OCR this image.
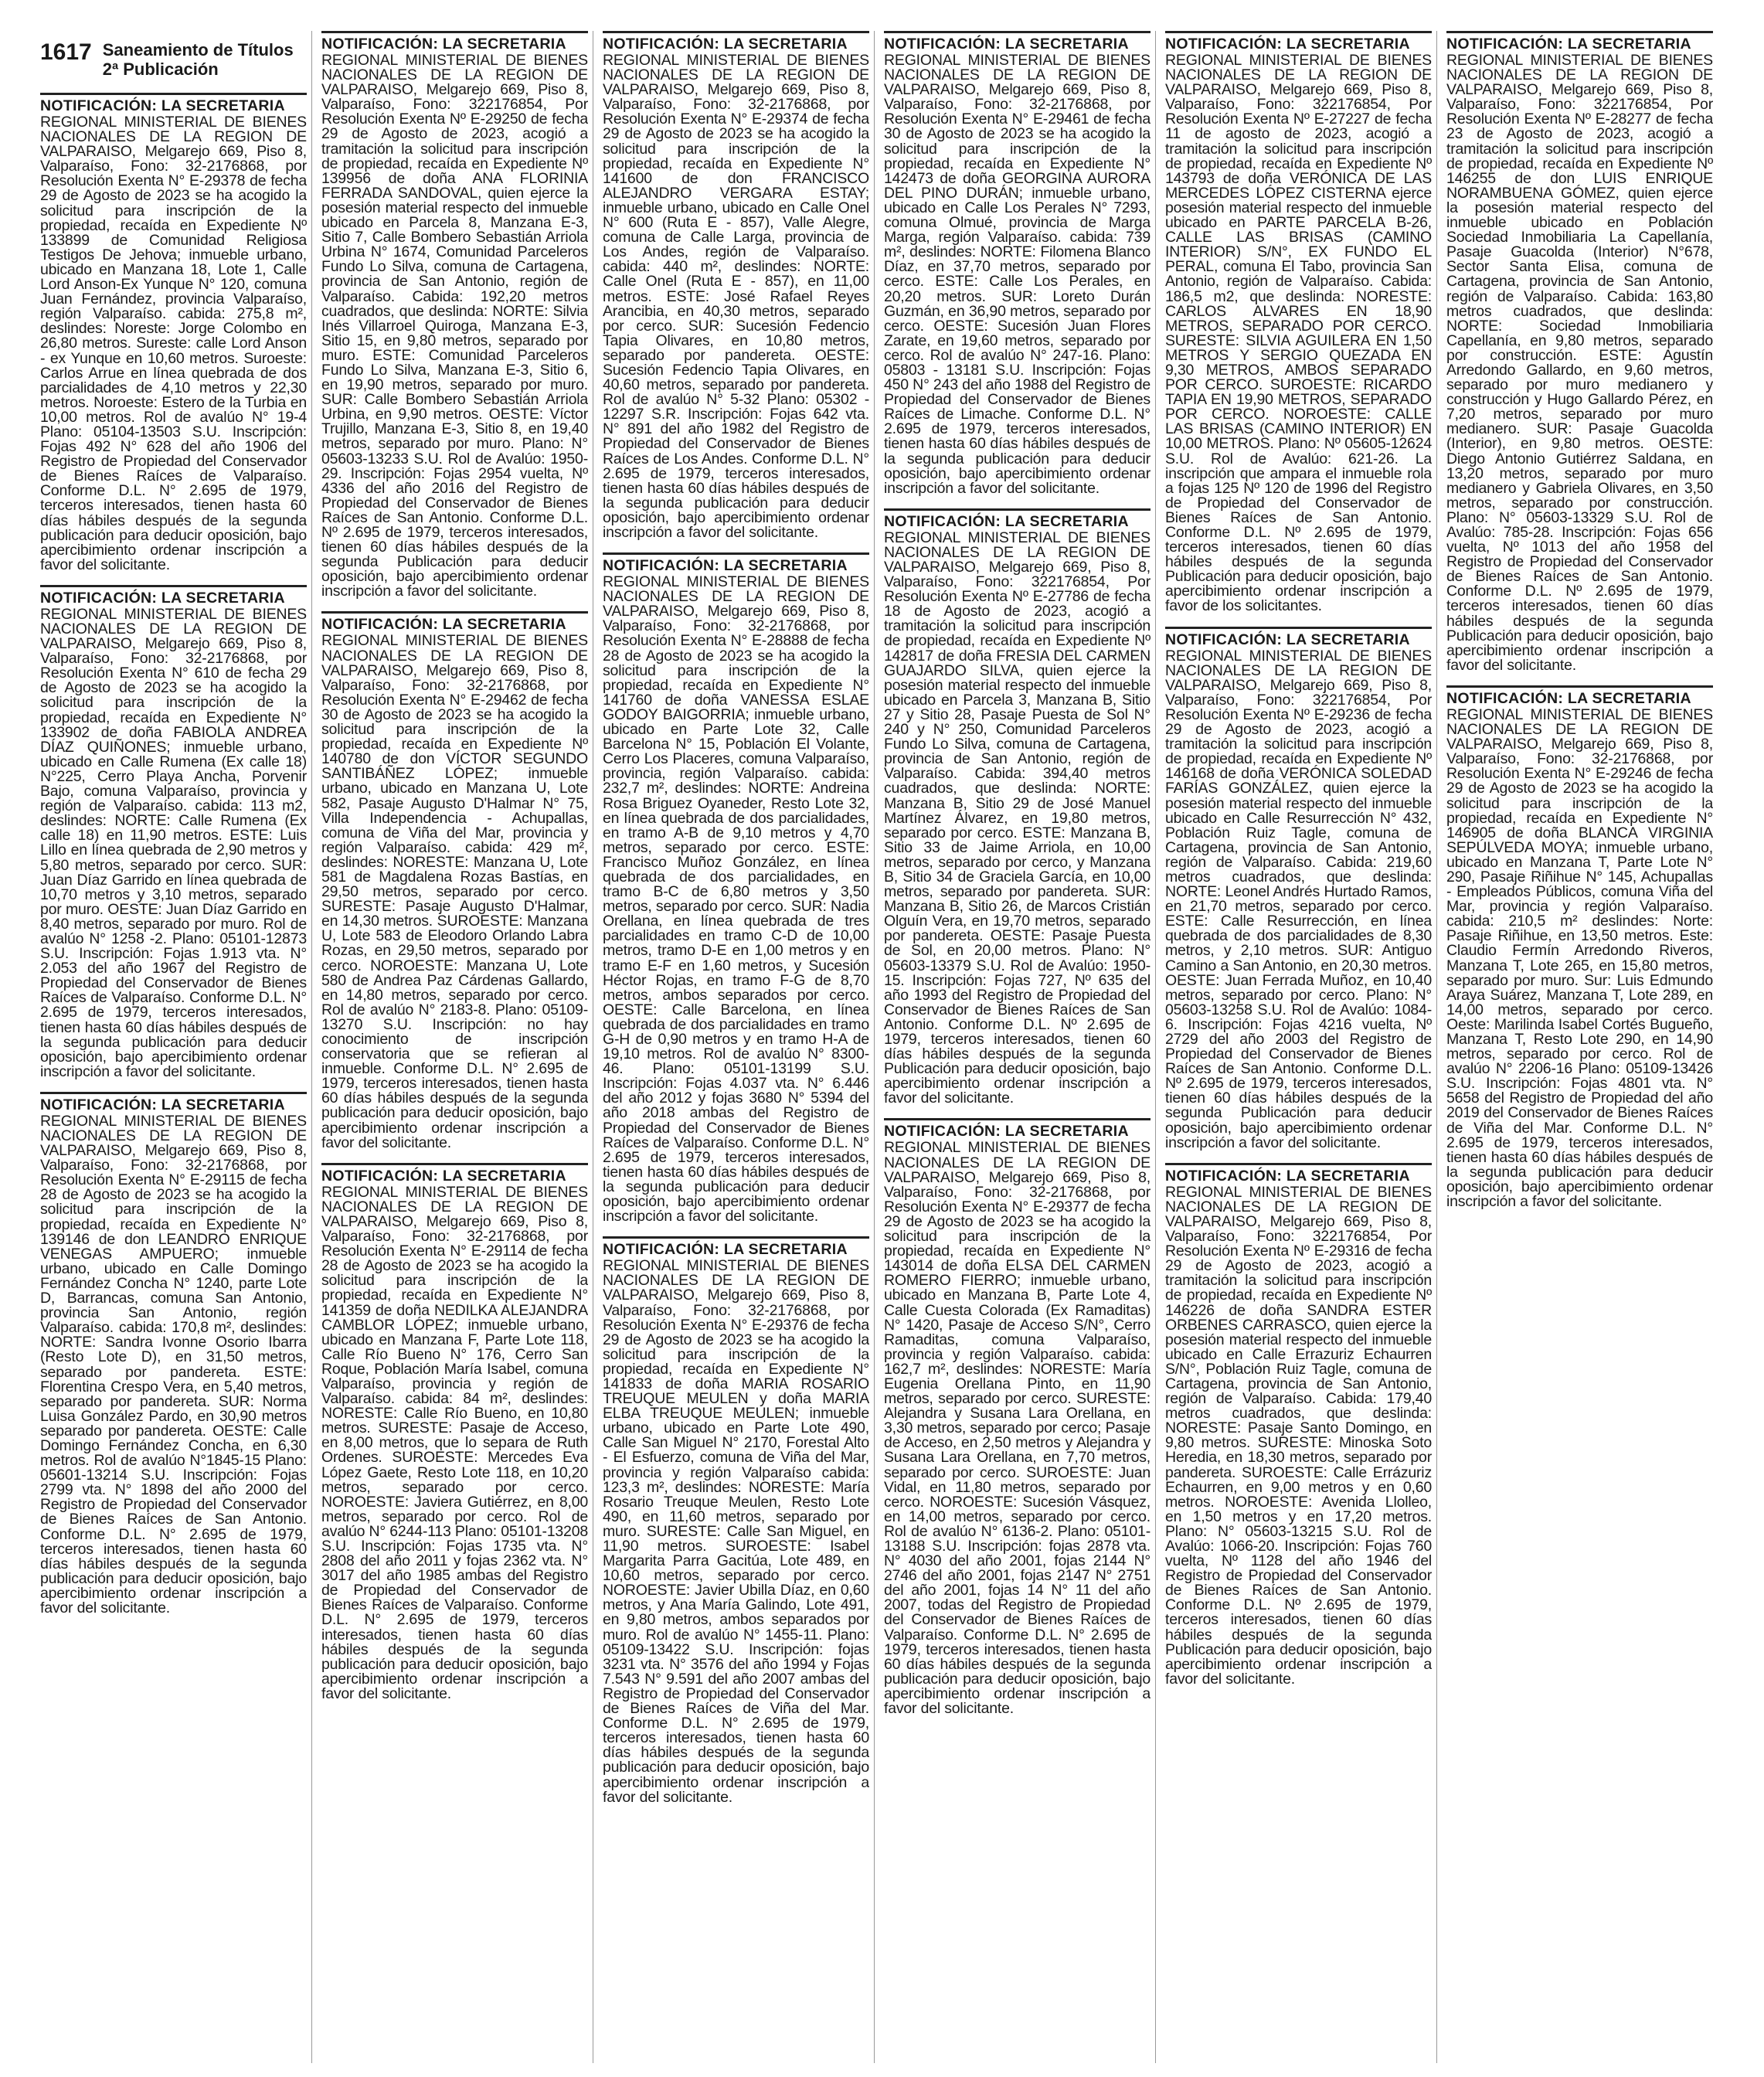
1617 Saneamiento de Títulos
2ª Publicación
NOTIFICACIÓN: LA SECRETARIA
REGIONAL MINISTERIAL DE BIENES NACIONALES DE LA REGION DE VALPARAISO, Melgarejo 669, Piso 8, Valparaíso, Fono: 32-2176868, por Resolución Exenta N° E-29378 de fecha 29 de Agosto de 2023 se ha acogido la solicitud para inscripción de la propiedad, recaída en Expediente Nº 133899 de Comunidad Religiosa Testigos De Jehova; inmueble urbano, ubicado en Manzana 18, Lote 1, Calle Lord Anson-Ex Yunque N° 120, comuna Juan Fernández, provincia Valparaíso, región Valparaíso. cabida: 275,8 m², deslindes: Noreste: Jorge Colombo en 26,80 metros. Sureste: calle Lord Anson - ex Yunque en 10,60 metros. Suroeste: Carlos Arrue en línea quebrada de dos parcialidades de 4,10 metros y 22,30 metros. Noroeste: Estero de la Turbia en 10,00 metros. Rol de avalúo N° 19-4 Plano: 05104-13503 S.U. Inscripción: Fojas 492 N° 628 del año 1906 del Registro de Propiedad del Conservador de Bienes Raíces de Valparaíso. Conforme D.L. N° 2.695 de 1979, terceros interesados, tienen hasta 60 días hábiles después de la segunda publicación para deducir oposición, bajo apercibimiento ordenar inscripción a favor del solicitante.
NOTIFICACIÓN: LA SECRETARIA
REGIONAL MINISTERIAL DE BIENES NACIONALES DE LA REGION DE VALPARAISO, Melgarejo 669, Piso 8, Valparaíso, Fono: 32-2176868, por Resolución Exenta N° 610 de fecha 29 de Agosto de 2023 se ha acogido la solicitud para inscripción de la propiedad, recaída en Expediente N° 133902 de doña FABIOLA ANDREA DÍAZ QUIÑONES; inmueble urbano, ubicado en Calle Rumena (Ex calle 18) N°225, Cerro Playa Ancha, Porvenir Bajo, comuna Valparaíso, provincia y región de Valparaíso. cabida: 113 m2, deslindes: NORTE: Calle Rumena (Ex calle 18) en 11,90 metros. ESTE: Luis Lillo en línea quebrada de 2,90 metros y 5,80 metros, separado por cerco. SUR: Juan Díaz Garrido en línea quebrada de 10,70 metros y 3,10 metros, separado por muro. OESTE: Juan Díaz Garrido en 8,40 metros, separado por muro. Rol de avalúo N° 1258 -2. Plano: 05101-12873 S.U. Inscripción: Fojas 1.913 vta. N° 2.053 del año 1967 del Registro de Propiedad del Conservador de Bienes Raíces de Valparaíso. Conforme D.L. N° 2.695 de 1979, terceros interesados, tienen hasta 60 días hábiles después de la segunda publicación para deducir oposición, bajo apercibimiento ordenar inscripción a favor del solicitante.
NOTIFICACIÓN: LA SECRETARIA
REGIONAL MINISTERIAL DE BIENES NACIONALES DE LA REGION DE VALPARAISO, Melgarejo 669, Piso 8, Valparaíso, Fono: 32-2176868, por Resolución Exenta N° E-29115 de fecha 28 de Agosto de 2023 se ha acogido la solicitud para inscripción de la propiedad, recaída en Expediente N° 139146 de don LEANDRO ENRIQUE VENEGAS AMPUERO; inmueble urbano, ubicado en Calle Domingo Fernández Concha N° 1240, parte Lote D, Barrancas, comuna San Antonio, provincia San Antonio, región Valparaíso. cabida: 170,8 m², deslindes: NORTE: Sandra Ivonne Osorio Ibarra (Resto Lote D), en 31,50 metros, separado por pandereta. ESTE: Florentina Crespo Vera, en 5,40 metros, separado por pandereta. SUR: Norma Luisa González Pardo, en 30,90 metros separado por pandereta. OESTE: Calle Domingo Fernández Concha, en 6,30 metros. Rol de avalúo N°1845-15 Plano: 05601-13214 S.U. Inscripción: Fojas 2799 vta. N° 1898 del año 2000 del Registro de Propiedad del Conservador de Bienes Raíces de San Antonio. Conforme D.L. N° 2.695 de 1979, terceros interesados, tienen hasta 60 días hábiles después de la segunda publicación para deducir oposición, bajo apercibimiento ordenar inscripción a favor del solicitante.
NOTIFICACIÓN: LA SECRETARIA
REGIONAL MINISTERIAL DE BIENES NACIONALES DE LA REGION DE VALPARAISO, Melgarejo 669, Piso 8, Valparaíso, Fono: 322176854, Por Resolución Exenta Nº E-29250 de fecha 29 de Agosto de 2023, acogió a tramitación la solicitud para inscripción de propiedad, recaída en Expediente Nº 139956 de doña ANA FLORINIA FERRADA SANDOVAL, quien ejerce la posesión material respecto del inmueble ubicado en Parcela 8, Manzana E-3, Sitio 7, Calle Bombero Sebastián Arriola Urbina N° 1674, Comunidad Parceleros Fundo Lo Silva, comuna de Cartagena, provincia de San Antonio, región de Valparaíso. Cabida: 192,20 metros cuadrados, que deslinda: NORTE: Silvia Inés Villarroel Quiroga, Manzana E-3, Sitio 15, en 9,80 metros, separado por muro. ESTE: Comunidad Parceleros Fundo Lo Silva, Manzana E-3, Sitio 6, en 19,90 metros, separado por muro. SUR: Calle Bombero Sebastián Arriola Urbina, en 9,90 metros. OESTE: Víctor Trujillo, Manzana E-3, Sitio 8, en 19,40 metros, separado por muro. Plano: N° 05603-13233 S.U. Rol de Avalúo: 1950-29. Inscripción: Fojas 2954 vuelta, Nº 4336 del año 2016 del Registro de Propiedad del Conservador de Bienes Raíces de San Antonio. Conforme D.L. Nº 2.695 de 1979, terceros interesados, tienen 60 días hábiles después de la segunda Publicación para deducir oposición, bajo apercibimiento ordenar inscripción a favor del solicitante.
NOTIFICACIÓN: LA SECRETARIA
REGIONAL MINISTERIAL DE BIENES NACIONALES DE LA REGION DE VALPARAISO, Melgarejo 669, Piso 8, Valparaíso, Fono: 32-2176868, por Resolución Exenta N° E-29462 de fecha 30 de Agosto de 2023 se ha acogido la solicitud para inscripción de la propiedad, recaída en Expediente Nº 140780 de don VÍCTOR SEGUNDO SANTIBÁÑEZ LÓPEZ; inmueble urbano, ubicado en Manzana U, Lote 582, Pasaje Augusto D'Halmar N° 75, Villa Independencia - Achupallas, comuna de Viña del Mar, provincia y región Valparaíso. cabida: 429 m², deslindes: NORESTE: Manzana U, Lote 581 de Magdalena Rozas Bastías, en 29,50 metros, separado por cerco. SURESTE: Pasaje Augusto D'Halmar, en 14,30 metros. SUROESTE: Manzana U, Lote 583 de Eleodoro Orlando Labra Rozas, en 29,50 metros, separado por cerco. NOROESTE: Manzana U, Lote 580 de Andrea Paz Cárdenas Gallardo, en 14,80 metros, separado por cerco. Rol de avalúo N° 2183-8. Plano: 05109-13270 S.U. Inscripción: no hay conocimiento de inscripción conservatoria que se refieran al inmueble. Conforme D.L. N° 2.695 de 1979, terceros interesados, tienen hasta 60 días hábiles después de la segunda publicación para deducir oposición, bajo apercibimiento ordenar inscripción a favor del solicitante.
NOTIFICACIÓN: LA SECRETARIA
REGIONAL MINISTERIAL DE BIENES NACIONALES DE LA REGION DE VALPARAISO, Melgarejo 669, Piso 8, Valparaíso, Fono: 32-2176868, por Resolución Exenta N° E-29114 de fecha 28 de Agosto de 2023 se ha acogido la solicitud para inscripción de la propiedad, recaída en Expediente N° 141359 de doña NEDILKA ALEJANDRA CAMBLOR LÓPEZ; inmueble urbano, ubicado en Manzana F, Parte Lote 118, Calle Río Bueno N° 176, Cerro San Roque, Población María Isabel, comuna Valparaíso, provincia y región de Valparaíso. cabida: 84 m², deslindes: NORESTE: Calle Río Bueno, en 10,80 metros. SURESTE: Pasaje de Acceso, en 8,00 metros, que lo separa de Ruth Ordenes. SUROESTE: Mercedes Eva López Gaete, Resto Lote 118, en 10,20 metros, separado por cerco. NOROESTE: Javiera Gutiérrez, en 8,00 metros, separado por cerco. Rol de avalúo N° 6244-113 Plano: 05101-13208 S.U. Inscripción: Fojas 1735 vta. N° 2808 del año 2011 y fojas 2362 vta. N° 3017 del año 1985 ambas del Registro de Propiedad del Conservador de Bienes Raíces de Valparaíso. Conforme D.L. N° 2.695 de 1979, terceros interesados, tienen hasta 60 días hábiles después de la segunda publicación para deducir oposición, bajo apercibimiento ordenar inscripción a favor del solicitante.
NOTIFICACIÓN: LA SECRETARIA
REGIONAL MINISTERIAL DE BIENES NACIONALES DE LA REGION DE VALPARAISO, Melgarejo 669, Piso 8, Valparaíso, Fono: 32-2176868, por Resolución Exenta N° E-29374 de fecha 29 de Agosto de 2023 se ha acogido la solicitud para inscripción de la propiedad, recaída en Expediente N° 141600 de don FRANCISCO ALEJANDRO VERGARA ESTAY; inmueble urbano, ubicado en Calle Onel N° 600 (Ruta E - 857), Valle Alegre, comuna de Calle Larga, provincia de Los Andes, región de Valparaíso. cabida: 440 m², deslindes: NORTE: Calle Onel (Ruta E - 857), en 11,00 metros. ESTE: José Rafael Reyes Arancibia, en 40,30 metros, separado por cerco. SUR: Sucesión Fedencio Tapia Olivares, en 10,80 metros, separado por pandereta. OESTE: Sucesión Fedencio Tapia Olivares, en 40,60 metros, separado por pandereta. Rol de avalúo N° 5-32 Plano: 05302 - 12297 S.R. Inscripción: Fojas 642 vta. N° 891 del año 1982 del Registro de Propiedad del Conservador de Bienes Raíces de Los Andes. Conforme D.L. N° 2.695 de 1979, terceros interesados, tienen hasta 60 días hábiles después de la segunda publicación para deducir oposición, bajo apercibimiento ordenar inscripción a favor del solicitante.
NOTIFICACIÓN: LA SECRETARIA
REGIONAL MINISTERIAL DE BIENES NACIONALES DE LA REGION DE VALPARAISO, Melgarejo 669, Piso 8, Valparaíso, Fono: 32-2176868, por Resolución Exenta N° E-28888 de fecha 28 de Agosto de 2023 se ha acogido la solicitud para inscripción de la propiedad, recaída en Expediente N° 141760 de doña VANESSA ESLAE GODOY BAIGORRIA; inmueble urbano, ubicado en Parte Lote 32, Calle Barcelona N° 15, Población El Volante, Cerro Los Placeres, comuna Valparaíso, provincia, región Valparaíso. cabida: 232,7 m², deslindes: NORTE: Andreina Rosa Briguez Oyaneder, Resto Lote 32, en línea quebrada de dos parcialidades, en tramo A-B de 9,10 metros y 4,70 metros, separado por cerco. ESTE: Francisco Muñoz González, en línea quebrada de dos parcialidades, en tramo B-C de 6,80 metros y 3,50 metros, separado por cerco. SUR: Nadia Orellana, en línea quebrada de tres parcialidades en tramo C-D de 10,00 metros, tramo D-E en 1,00 metros y en tramo E-F en 1,60 metros, y Sucesión Héctor Rojas, en tramo F-G de 8,70 metros, ambos separados por cerco. OESTE: Calle Barcelona, en línea quebrada de dos parcialidades en tramo G-H de 0,90 metros y en tramo H-A de 19,10 metros. Rol de avalúo N° 8300-46. Plano: 05101-13199 S.U. Inscripción: Fojas 4.037 vta. N° 6.446 del año 2012 y fojas 3680 N° 5394 del año 2018 ambas del Registro de Propiedad del Conservador de Bienes Raíces de Valparaíso. Conforme D.L. N° 2.695 de 1979, terceros interesados, tienen hasta 60 días hábiles después de la segunda publicación para deducir oposición, bajo apercibimiento ordenar inscripción a favor del solicitante.
NOTIFICACIÓN: LA SECRETARIA
REGIONAL MINISTERIAL DE BIENES NACIONALES DE LA REGION DE VALPARAISO, Melgarejo 669, Piso 8, Valparaíso, Fono: 32-2176868, por Resolución Exenta N° E-29376 de fecha 29 de Agosto de 2023 se ha acogido la solicitud para inscripción de la propiedad, recaída en Expediente N° 141833 de doña MARIA ROSARIO TREUQUE MEULEN y doña MARIA ELBA TREUQUE MEULEN; inmueble urbano, ubicado en Parte Lote 490, Calle San Miguel N° 2170, Forestal Alto - El Esfuerzo, comuna de Viña del Mar, provincia y región Valparaíso cabida: 123,3 m², deslindes: NORESTE: María Rosario Treuque Meulen, Resto Lote 490, en 11,60 metros, separado por muro. SURESTE: Calle San Miguel, en 11,90 metros. SUROESTE: Isabel Margarita Parra Gacitúa, Lote 489, en 10,60 metros, separado por cerco. NOROESTE: Javier Ubilla Díaz, en 0,60 metros, y Ana María Galindo, Lote 491, en 9,80 metros, ambos separados por muro. Rol de avalúo N° 1455-11. Plano: 05109-13422 S.U. Inscripción: fojas 3231 vta. N° 3576 del año 1994 y Fojas 7.543 N° 9.591 del año 2007 ambas del Registro de Propiedad del Conservador de Bienes Raíces de Viña del Mar. Conforme D.L. N° 2.695 de 1979, terceros interesados, tienen hasta 60 días hábiles después de la segunda publicación para deducir oposición, bajo apercibimiento ordenar inscripción a favor del solicitante.
NOTIFICACIÓN: LA SECRETARIA
REGIONAL MINISTERIAL DE BIENES NACIONALES DE LA REGION DE VALPARAISO, Melgarejo 669, Piso 8, Valparaíso, Fono: 32-2176868, por Resolución Exenta N° E-29461 de fecha 30 de Agosto de 2023 se ha acogido la solicitud para inscripción de la propiedad, recaída en Expediente N° 142473 de doña GEORGINA AURORA DEL PINO DURÁN; inmueble urbano, ubicado en Calle Los Perales N° 7293, comuna Olmué, provincia de Marga Marga, región Valparaíso. cabida: 739 m², deslindes: NORTE: Filomena Blanco Díaz, en 37,70 metros, separado por cerco. ESTE: Calle Los Perales, en 20,20 metros. SUR: Loreto Durán Guzmán, en 36,90 metros, separado por cerco. OESTE: Sucesión Juan Flores Zarate, en 19,60 metros, separado por cerco. Rol de avalúo N° 247-16. Plano: 05803 - 13181 S.U. Inscripción: Fojas 450 N° 243 del año 1988 del Registro de Propiedad del Conservador de Bienes Raíces de Limache. Conforme D.L. N° 2.695 de 1979, terceros interesados, tienen hasta 60 días hábiles después de la segunda publicación para deducir oposición, bajo apercibimiento ordenar inscripción a favor del solicitante.
NOTIFICACIÓN: LA SECRETARIA
REGIONAL MINISTERIAL DE BIENES NACIONALES DE LA REGION DE VALPARAISO, Melgarejo 669, Piso 8, Valparaíso, Fono: 322176854, Por Resolución Exenta Nº E-27786 de fecha 18 de Agosto de 2023, acogió a tramitación la solicitud para inscripción de propiedad, recaída en Expediente Nº 142817 de doña FRESIA DEL CARMEN GUAJARDO SILVA, quien ejerce la posesión material respecto del inmueble ubicado en Parcela 3, Manzana B, Sitio 27 y Sitio 28, Pasaje Puesta de Sol N° 240 y N° 250, Comunidad Parceleros Fundo Lo Silva, comuna de Cartagena, provincia de San Antonio, región de Valparaíso. Cabida: 394,40 metros cuadrados, que deslinda: NORTE: Manzana B, Sitio 29 de José Manuel Martínez Álvarez, en 19,80 metros, separado por cerco. ESTE: Manzana B, Sitio 33 de Jaime Arriola, en 10,00 metros, separado por cerco, y Manzana B, Sitio 34 de Graciela García, en 10,00 metros, separado por pandereta. SUR: Manzana B, Sitio 26, de Marcos Cristián Olguín Vera, en 19,70 metros, separado por pandereta. OESTE: Pasaje Puesta de Sol, en 20,00 metros. Plano: N° 05603-13379 S.U. Rol de Avalúo: 1950-15. Inscripción: Fojas 727, Nº 635 del año 1993 del Registro de Propiedad del Conservador de Bienes Raíces de San Antonio. Conforme D.L. Nº 2.695 de 1979, terceros interesados, tienen 60 días hábiles después de la segunda Publicación para deducir oposición, bajo apercibimiento ordenar inscripción a favor del solicitante.
NOTIFICACIÓN: LA SECRETARIA
REGIONAL MINISTERIAL DE BIENES NACIONALES DE LA REGION DE VALPARAISO, Melgarejo 669, Piso 8, Valparaíso, Fono: 32-2176868, por Resolución Exenta N° E-29377 de fecha 29 de Agosto de 2023 se ha acogido la solicitud para inscripción de la propiedad, recaída en Expediente N° 143014 de doña ELSA DEL CARMEN ROMERO FIERRO; inmueble urbano, ubicado en Manzana B, Parte Lote 4, Calle Cuesta Colorada (Ex Ramaditas) N° 1420, Pasaje de Acceso S/N°, Cerro Ramaditas, comuna Valparaíso, provincia y región Valparaíso. cabida: 162,7 m², deslindes: NORESTE: María Eugenia Orellana Pinto, en 11,90 metros, separado por cerco. SURESTE: Alejandra y Susana Lara Orellana, en 3,30 metros, separado por cerco; Pasaje de Acceso, en 2,50 metros y Alejandra y Susana Lara Orellana, en 7,70 metros, separado por cerco. SUROESTE: Juan Vidal, en 11,80 metros, separado por cerco. NOROESTE: Sucesión Vásquez, en 14,00 metros, separado por cerco. Rol de avalúo N° 6136-2. Plano: 05101-13188 S.U. Inscripción: fojas 2878 vta. N° 4030 del año 2001, fojas 2144 N° 2746 del año 2001, fojas 2147 N° 2751 del año 2001, fojas 14 N° 11 del año 2007, todas del Registro de Propiedad del Conservador de Bienes Raíces de Valparaíso. Conforme D.L. N° 2.695 de 1979, terceros interesados, tienen hasta 60 días hábiles después de la segunda publicación para deducir oposición, bajo apercibimiento ordenar inscripción a favor del solicitante.
NOTIFICACIÓN: LA SECRETARIA
REGIONAL MINISTERIAL DE BIENES NACIONALES DE LA REGION DE VALPARAISO, Melgarejo 669, Piso 8, Valparaíso, Fono: 322176854, Por Resolución Exenta Nº E-27227 de fecha 11 de agosto de 2023, acogió a tramitación la solicitud para inscripción de propiedad, recaída en Expediente Nº 143793 de doña VERÓNICA DE LAS MERCEDES LÓPEZ CISTERNA ejerce posesión material respecto del inmueble ubicado en PARTE PARCELA B-26, CALLE LAS BRISAS (CAMINO INTERIOR) S/N°, EX FUNDO EL PERAL, comuna El Tabo, provincia San Antonio, región de Valparaíso. Cabida: 186,5 m2, que deslinda: NORESTE: CARLOS ALVARES EN 18,90 METROS, SEPARADO POR CERCO. SURESTE: SILVIA AGUILERA EN 1,50 METROS Y SERGIO QUEZADA EN 9,30 METROS, AMBOS SEPARADO POR CERCO. SUROESTE: RICARDO TAPIA EN 19,90 METROS, SEPARADO POR CERCO. NOROESTE: CALLE LAS BRISAS (CAMINO INTERIOR) EN 10,00 METROS. Plano: Nº 05605-12624 S.U. Rol de Avalúo: 621-26. La inscripción que ampara el inmueble rola a fojas 125 Nº 120 de 1996 del Registro de Propiedad del Conservador de Bienes Raíces de San Antonio. Conforme D.L. Nº 2.695 de 1979, terceros interesados, tienen 60 días hábiles después de la segunda Publicación para deducir oposición, bajo apercibimiento ordenar inscripción a favor de los solicitantes.
NOTIFICACIÓN: LA SECRETARIA
REGIONAL MINISTERIAL DE BIENES NACIONALES DE LA REGION DE VALPARAISO, Melgarejo 669, Piso 8, Valparaíso, Fono: 322176854, Por Resolución Exenta Nº E-29236 de fecha 29 de Agosto de 2023, acogió a tramitación la solicitud para inscripción de propiedad, recaída en Expediente Nº 146168 de doña VERÓNICA SOLEDAD FARÍAS GONZÁLEZ, quien ejerce la posesión material respecto del inmueble ubicado en Calle Resurrección N° 432, Población Ruiz Tagle, comuna de Cartagena, provincia de San Antonio, región de Valparaíso. Cabida: 219,60 metros cuadrados, que deslinda: NORTE: Leonel Andrés Hurtado Ramos, en 21,70 metros, separado por cerco. ESTE: Calle Resurrección, en línea quebrada de dos parcialidades de 8,30 metros, y 2,10 metros. SUR: Antiguo Camino a San Antonio, en 20,30 metros. OESTE: Juan Ferrada Muñoz, en 10,40 metros, separado por cerco. Plano: N° 05603-13258 S.U. Rol de Avalúo: 1084-6. Inscripción: Fojas 4216 vuelta, Nº 2729 del año 2003 del Registro de Propiedad del Conservador de Bienes Raíces de San Antonio. Conforme D.L. Nº 2.695 de 1979, terceros interesados, tienen 60 días hábiles después de la segunda Publicación para deducir oposición, bajo apercibimiento ordenar inscripción a favor del solicitante.
NOTIFICACIÓN: LA SECRETARIA
REGIONAL MINISTERIAL DE BIENES NACIONALES DE LA REGION DE VALPARAISO, Melgarejo 669, Piso 8, Valparaíso, Fono: 322176854, Por Resolución Exenta Nº E-29316 de fecha 29 de Agosto de 2023, acogió a tramitación la solicitud para inscripción de propiedad, recaída en Expediente Nº 146226 de doña SANDRA ESTER ORBENES CARRASCO, quien ejerce la posesión material respecto del inmueble ubicado en Calle Errazuriz Echaurren S/N°, Población Ruiz Tagle, comuna de Cartagena, provincia de San Antonio, región de Valparaíso. Cabida: 179,40 metros cuadrados, que deslinda: NORESTE: Pasaje Santo Domingo, en 9,80 metros. SURESTE: Minoska Soto Heredia, en 18,30 metros, separado por pandereta. SUROESTE: Calle Errázuriz Echaurren, en 9,00 metros y en 0,60 metros. NOROESTE: Avenida Llolleo, en 1,50 metros y en 17,20 metros. Plano: N° 05603-13215 S.U. Rol de Avalúo: 1066-20. Inscripción: Fojas 760 vuelta, Nº 1128 del año 1946 del Registro de Propiedad del Conservador de Bienes Raíces de San Antonio. Conforme D.L. Nº 2.695 de 1979, terceros interesados, tienen 60 días hábiles después de la segunda Publicación para deducir oposición, bajo apercibimiento ordenar inscripción a favor del solicitante.
NOTIFICACIÓN: LA SECRETARIA
REGIONAL MINISTERIAL DE BIENES NACIONALES DE LA REGION DE VALPARAISO, Melgarejo 669, Piso 8, Valparaíso, Fono: 322176854, Por Resolución Exenta Nº E-28277 de fecha 23 de Agosto de 2023, acogió a tramitación la solicitud para inscripción de propiedad, recaída en Expediente Nº 146255 de don LUIS ENRIQUE NORAMBUENA GÓMEZ, quien ejerce la posesión material respecto del inmueble ubicado en Población Sociedad Inmobiliaria La Capellanía, Pasaje Guacolda (Interior) N°678, Sector Santa Elisa, comuna de Cartagena, provincia de San Antonio, región de Valparaíso. Cabida: 163,80 metros cuadrados, que deslinda: NORTE: Sociedad Inmobiliaria Capellanía, en 9,80 metros, separado por construcción. ESTE: Agustín Arredondo Gallardo, en 9,60 metros, separado por muro medianero y construcción y Hugo Gallardo Pérez, en 7,20 metros, separado por muro medianero. SUR: Pasaje Guacolda (Interior), en 9,80 metros. OESTE: Diego Antonio Gutiérrez Saldana, en 13,20 metros, separado por muro medianero y Gabriela Olivares, en 3,50 metros, separado por construcción. Plano: N° 05603-13329 S.U. Rol de Avalúo: 785-28. Inscripción: Fojas 656 vuelta, Nº 1013 del año 1958 del Registro de Propiedad del Conservador de Bienes Raíces de San Antonio. Conforme D.L. Nº 2.695 de 1979, terceros interesados, tienen 60 días hábiles después de la segunda Publicación para deducir oposición, bajo apercibimiento ordenar inscripción a favor del solicitante.
NOTIFICACIÓN: LA SECRETARIA
REGIONAL MINISTERIAL DE BIENES NACIONALES DE LA REGION DE VALPARAISO, Melgarejo 669, Piso 8, Valparaíso, Fono: 32-2176868, por Resolución Exenta N° E-29246 de fecha 29 de Agosto de 2023 se ha acogido la solicitud para inscripción de la propiedad, recaída en Expediente N° 146905 de doña BLANCA VIRGINIA SEPÚLVEDA MOYA; inmueble urbano, ubicado en Manzana T, Parte Lote N° 290, Pasaje Riñihue N° 145, Achupallas - Empleados Públicos, comuna Viña del Mar, provincia y región Valparaíso. cabida: 210,5 m² deslindes: Norte: Pasaje Riñihue, en 13,50 metros. Este: Claudio Fermín Arredondo Riveros, Manzana T, Lote 265, en 15,80 metros, separado por muro. Sur: Luis Edmundo Araya Suárez, Manzana T, Lote 289, en 14,00 metros, separado por cerco. Oeste: Marilinda Isabel Cortés Bugueño, Manzana T, Resto Lote 290, en 14,90 metros, separado por cerco. Rol de avalúo N° 2206-16 Plano: 05109-13426 S.U. Inscripción: Fojas 4801 vta. N° 5658 del Registro de Propiedad del año 2019 del Conservador de Bienes Raíces de Viña del Mar. Conforme D.L. N° 2.695 de 1979, terceros interesados, tienen hasta 60 días hábiles después de la segunda publicación para deducir oposición, bajo apercibimiento ordenar inscripción a favor del solicitante.
